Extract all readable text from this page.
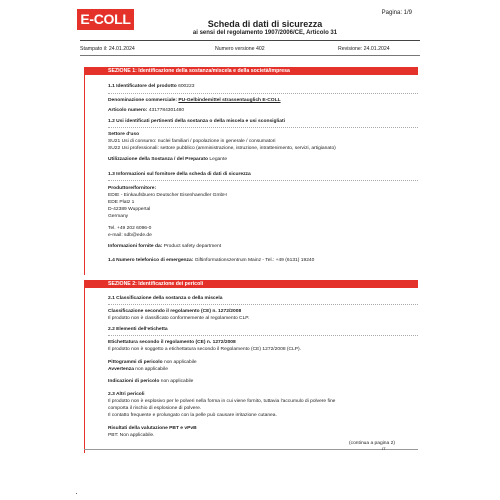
E-COLL	Pagina: 1/9
Scheda di dati di sicurezza
ai sensi del regolamento 1907/2006/CE, Articolo 31
Stampato il: 24.01.2024	Numero versione 402	Revisione: 24.01.2024
SEZIONE 1: Identificazione della sostanza/miscela e della società/impresa
1.1 Identificatore del prodotto 600223
Denominazione commerciale: PU-Gelbindemittel strassentauglich E-COLL
Articolo numero: 4317784301480
1.2 Usi identificati pertinenti della sostanza o della miscela e usi sconsigliati
Settore d'uso
SU21 Usi di consumo: nuclei familiari / popolazione in generale / consumatori
SU22 Usi professionali: settore pubblico (amministrazione, istruzione, intrattenimento, servizi, artigianato)
Utilizzazione della Sostanza / del Preparato Legante
1.3 Informazioni sul fornitore della scheda di dati di sicurezza
Produttore/fornitore:
EDIE - Einkaufsbuero Deutscher Eisenhaendler GmbH
EDE Platz 1
D-42389 Wuppertal
Germany
Tel. +49 202 6096-0
e-mail: sdb@ede.de
Informazioni fornite da: Product safety department
1.4 Numero telefonico di emergenza: Giftinformationszentrum Mainz - Tel.: +49 (6131) 19240
SEZIONE 2: Identificazione dei pericoli
2.1 Classificazione della sostanza o della miscela
Classificazione secondo il regolamento (CE) n. 1272/2008
Il prodotto non è classificato conformemente al regolamento CLP.
2.2 Elementi dell'etichetta
Etichettatura secondo il regolamento (CE) n. 1272/2008
Il prodotto non è soggetto a etichettatura secondo il Regolamento (CE) 1272/2008 (CLP).
Pittogrammi di pericolo non applicabile
Avvertenza non applicabile
Indicazioni di pericolo non applicabile
2.3 Altri pericoli
Il prodotto non è esplosivo per le polveri nella forma in cui viene fornito, tuttavia l'accumulo di polvere fine
comporta il rischio di esplosione di polvere.
Il contatto frequente e prolungato con la pelle può causare irritazione cutanea.
Risultati della valutazione PBT e vPvB
PBT: Non applicabile.
(continua a pagina 2)
IT
